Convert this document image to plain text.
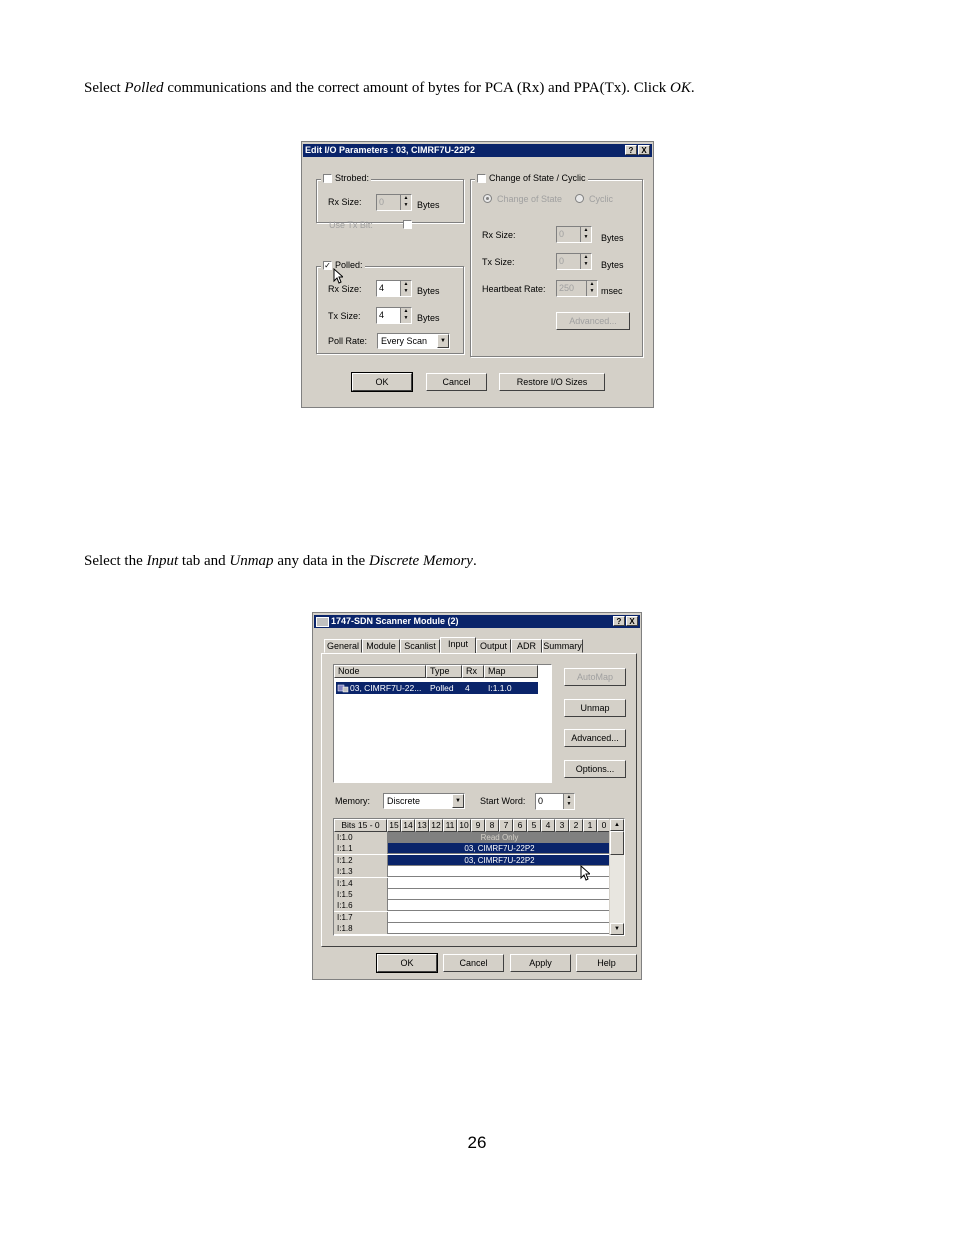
Select Polled communications and the correct amount of bytes for PCA (Rx) and PPA(Tx). Click OK.
Edit I/O Parameters : 03, CIMRF7U-22P2	? X
Strobed:
Rx Size: 0	▲
▼ Bytes
Use Tx Bit:
✓ Polled:
Rx Size: 4	▲
▼ Bytes
Tx Size: 4	▲
▼ Bytes
Poll Rate:	Every Scan	▼
Change of State / Cyclic
Change of State	Cyclic
Rx Size:	0	▲
▼ Bytes
Tx Size:	0	▲
▼ Bytes
Heartbeat Rate: 250	▲
▼ msec
Advanced...
OK	Cancel	Restore I/O Sizes
Select the Input tab and Unmap any data in the Discrete Memory.
1747-SDN Scanner Module (2)	? X
General Module Scanlist	Input	Output	ADR Summary
Node	Type	Rx	Map
03, CIMRF7U-22... Polled 4 I:1.1.0
AutoMap
Unmap
Advanced...
Options...
Memory:	Discrete	▼	Start Word: 0	▲
▼
Bits 15 - 0	15 14 13 12 11 10 9	8	7	6	5	4	3	2	1	0
I:1.0	Read Only
I:1.1	03, CIMRF7U-22P2
I:1.2	03, CIMRF7U-22P2
I:1.3
I:1.4
I:1.5
I:1.6
I:1.7
I:1.8
▲
▼
OK	Cancel	Apply	Help
26
